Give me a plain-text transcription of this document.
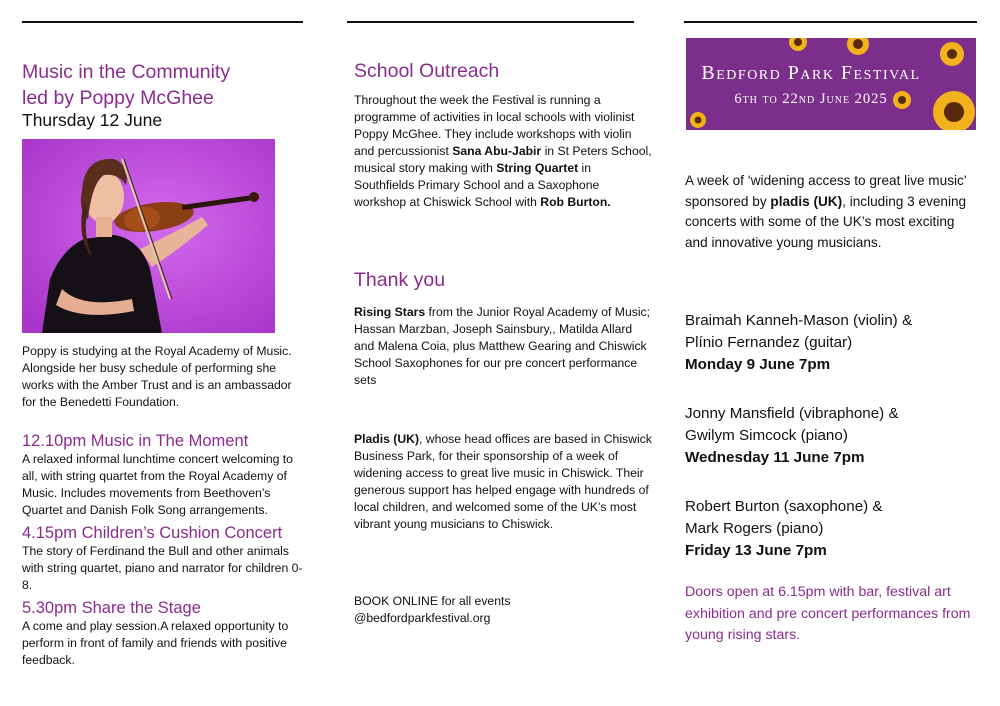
Music in the Community
led by Poppy McGhee
Thursday 12 June

Poppy is studying at the Royal Academy of Music. Alongside her busy schedule of performing she works with the Amber Trust and is an ambassador for the Benedetti Foundation.

12.10pm Music in The Moment

A relaxed informal lunchtime concert welcoming to all, with string quartet from the Royal Academy of Music. Includes movements from Beethoven’s Quartet and Danish Folk Song arrangements.

4.15pm Children’s Cushion Concert

The story of Ferdinand the Bull and other animals with string quartet, piano and narrator for children 0-8.

5.30pm Share the Stage

A come and play session.A relaxed opportunity to perform in front of family and friends with positive feedback.

School Outreach

Throughout the week the Festival is running a programme of activities in local schools with violinist Poppy McGhee. They include workshops with violin and percussionist Sana Abu-Jabir in St Peters School, musical story making with String Quartet in Southfields Primary School and a Saxophone workshop at Chiswick School with Rob Burton.

Thank you

Rising Stars from the Junior Royal Academy of Music; Hassan Marzban, Joseph Sainsbury,, Matilda Allard and Malena Coia, plus Matthew Gearing and Chiswick School Saxophones for our pre concert performance sets

Pladis (UK), whose head offices are based in Chiswick Business Park, for their sponsorship of a week of widening access to great live music in Chiswick. Their generous support has helped engage with hundreds of local children, and welcomed some of the UK’s most vibrant young musicians to Chiswick.

BOOK ONLINE for all events

@bedfordparkfestival.org

Bedford Park Festival
6th to 22nd June 2025

A week of ‘widening access to great live music’ sponsored by pladis (UK), including 3 evening concerts with some of the UK’s most exciting and innovative young musicians.

Braimah Kanneh-Mason (violin) &

Plínio Fernandez (guitar)

Monday 9 June 7pm

Jonny Mansfield (vibraphone) &

Gwilym Simcock (piano)

Wednesday 11 June 7pm

Robert Burton (saxophone) &

Mark Rogers (piano)

Friday 13 June 7pm

Doors open at 6.15pm with bar, festival art exhibition and pre concert performances from young rising stars.
